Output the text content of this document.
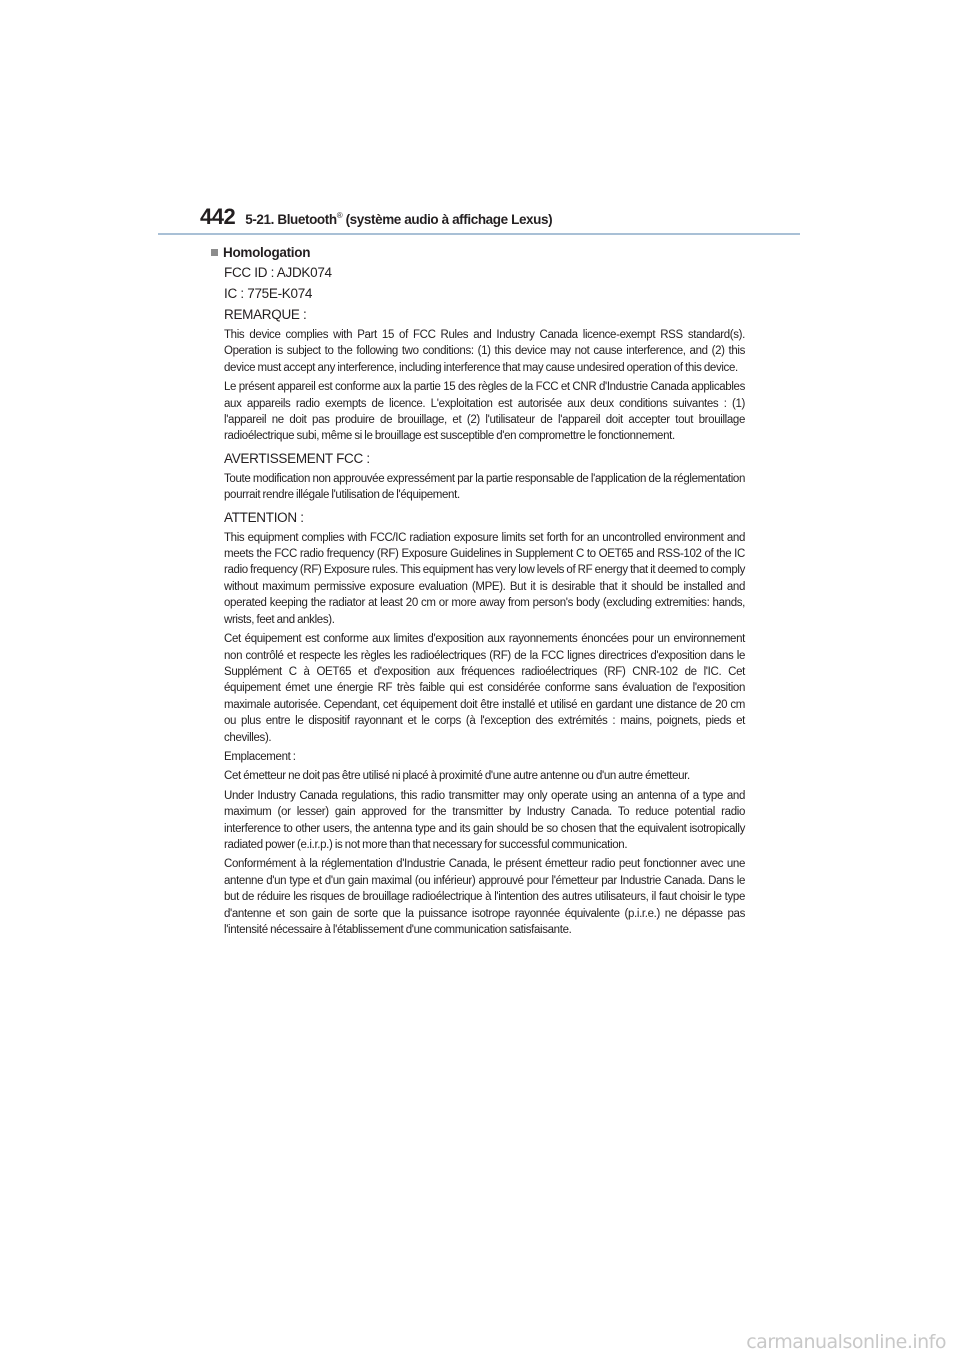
442 5-21. Bluetooth® (système audio à affichage Lexus)
Homologation
FCC ID : AJDK074
IC : 775E-K074
REMARQUE :

This device complies with Part 15 of FCC Rules and Industry Canada licence-exempt RSS standard(s). Operation is subject to the following two conditions: (1) this device may not cause interference, and (2) this device must accept any interference, including interference that may cause undesired operation of this device.

Le présent appareil est conforme aux la partie 15 des règles de la FCC et CNR d'Industrie Canada applicables aux appareils radio exempts de licence. L'exploitation est autorisée aux deux conditions suivantes : (1) l'appareil ne doit pas produire de brouillage, et (2) l'utilisateur de l'appareil doit accepter tout brouillage radioélectrique subi, même si le brouillage est susceptible d'en compromettre le fonctionnement.

AVERTISSEMENT FCC :

Toute modification non approuvée expressément par la partie responsable de l'application de la réglementation pourrait rendre illégale l'utilisation de l'équipement.

ATTENTION :

This equipment complies with FCC/IC radiation exposure limits set forth for an uncontrolled environment and meets the FCC radio frequency (RF) Exposure Guidelines in Supplement C to OET65 and RSS-102 of the IC radio frequency (RF) Exposure rules. This equipment has very low levels of RF energy that it deemed to comply without maximum permissive exposure evaluation (MPE). But it is desirable that it should be installed and operated keeping the radiator at least 20 cm or more away from person's body (excluding extremities: hands, wrists, feet and ankles).

Cet équipement est conforme aux limites d'exposition aux rayonnements énoncées pour un environnement non contrôlé et respecte les règles les radioélectriques (RF) de la FCC lignes directrices d'exposition dans le Supplément C à OET65 et d'exposition aux fréquences radioélectriques (RF) CNR-102 de l'IC. Cet équipement émet une énergie RF très faible qui est considérée conforme sans évaluation de l'exposition maximale autorisée. Cependant, cet équipement doit être installé et utilisé en gardant une distance de 20 cm ou plus entre le dispositif rayonnant et le corps (à l'exception des extrémités : mains, poignets, pieds et chevilles).

Emplacement :

Cet émetteur ne doit pas être utilisé ni placé à proximité d'une autre antenne ou d'un autre émetteur.

Under Industry Canada regulations, this radio transmitter may only operate using an antenna of a type and maximum (or lesser) gain approved for the transmitter by Industry Canada. To reduce potential radio interference to other users, the antenna type and its gain should be so chosen that the equivalent isotropically radiated power (e.i.r.p.) is not more than that necessary for successful communication.

Conformément à la réglementation d'Industrie Canada, le présent émetteur radio peut fonctionner avec une antenne d'un type et d'un gain maximal (ou inférieur) approuvé pour l'émetteur par Industrie Canada. Dans le but de réduire les risques de brouillage radioélectrique à l'intention des autres utilisateurs, il faut choisir le type d'antenne et son gain de sorte que la puissance isotrope rayonnée équivalente (p.i.r.e.) ne dépasse pas l'intensité nécessaire à l'établissement d'une communication satisfaisante.

carmanualsonline.info
